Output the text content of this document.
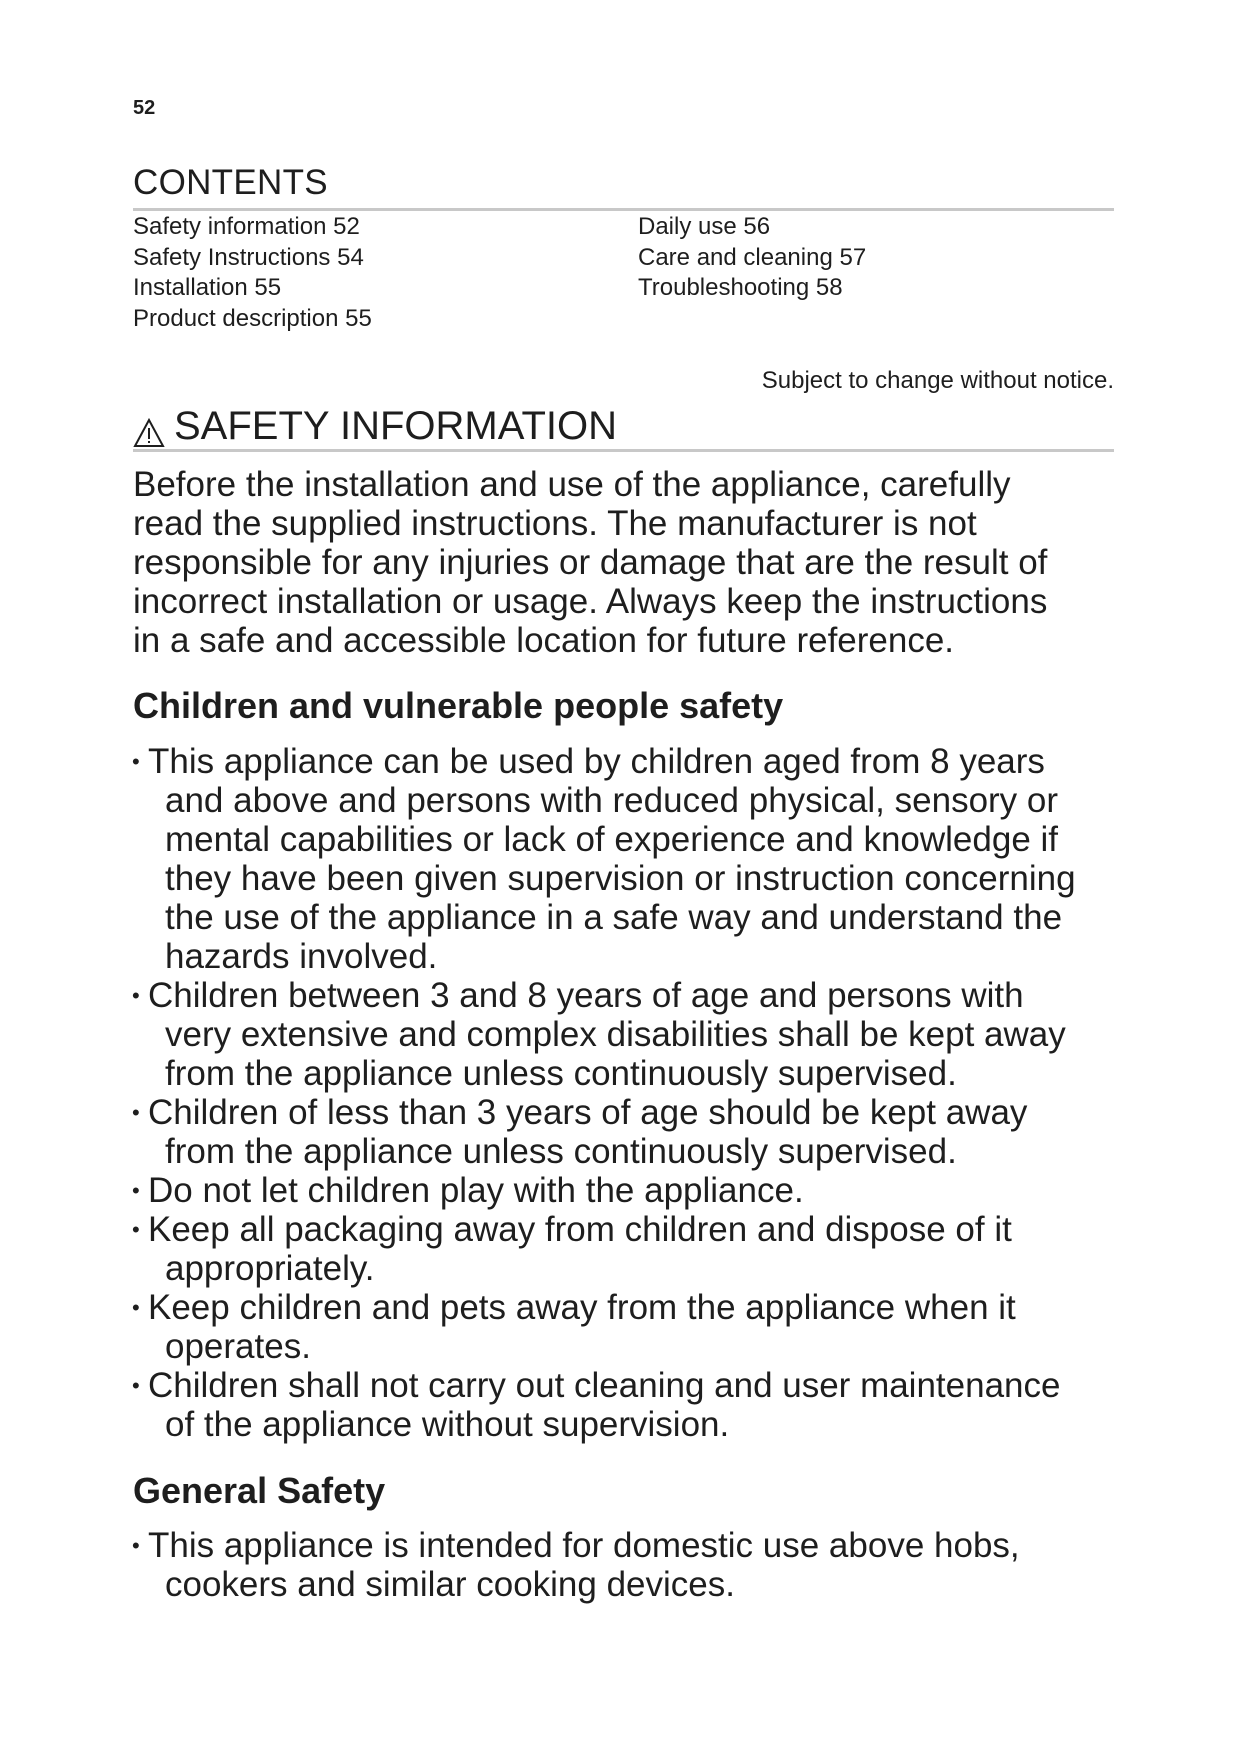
52
CONTENTS
Safety information 52
Safety Instructions 54
Installation 55
Product description 55
Daily use 56
Care and cleaning 57
Troubleshooting 58
Subject to change without notice.
SAFETY INFORMATION
Before the installation and use of the appliance, carefully
read the supplied instructions. The manufacturer is not
responsible for any injuries or damage that are the result of
incorrect installation or usage. Always keep the instructions
in a safe and accessible location for future reference.
Children and vulnerable people safety
• This appliance can be used by children aged from 8 years
and above and persons with reduced physical, sensory or
mental capabilities or lack of experience and knowledge if
they have been given supervision or instruction concerning
the use of the appliance in a safe way and understand the
hazards involved.
• Children between 3 and 8 years of age and persons with
very extensive and complex disabilities shall be kept away
from the appliance unless continuously supervised.
• Children of less than 3 years of age should be kept away
from the appliance unless continuously supervised.
• Do not let children play with the appliance.
• Keep all packaging away from children and dispose of it
appropriately.
• Keep children and pets away from the appliance when it
operates.
• Children shall not carry out cleaning and user maintenance
of the appliance without supervision.
General Safety
• This appliance is intended for domestic use above hobs,
cookers and similar cooking devices.
